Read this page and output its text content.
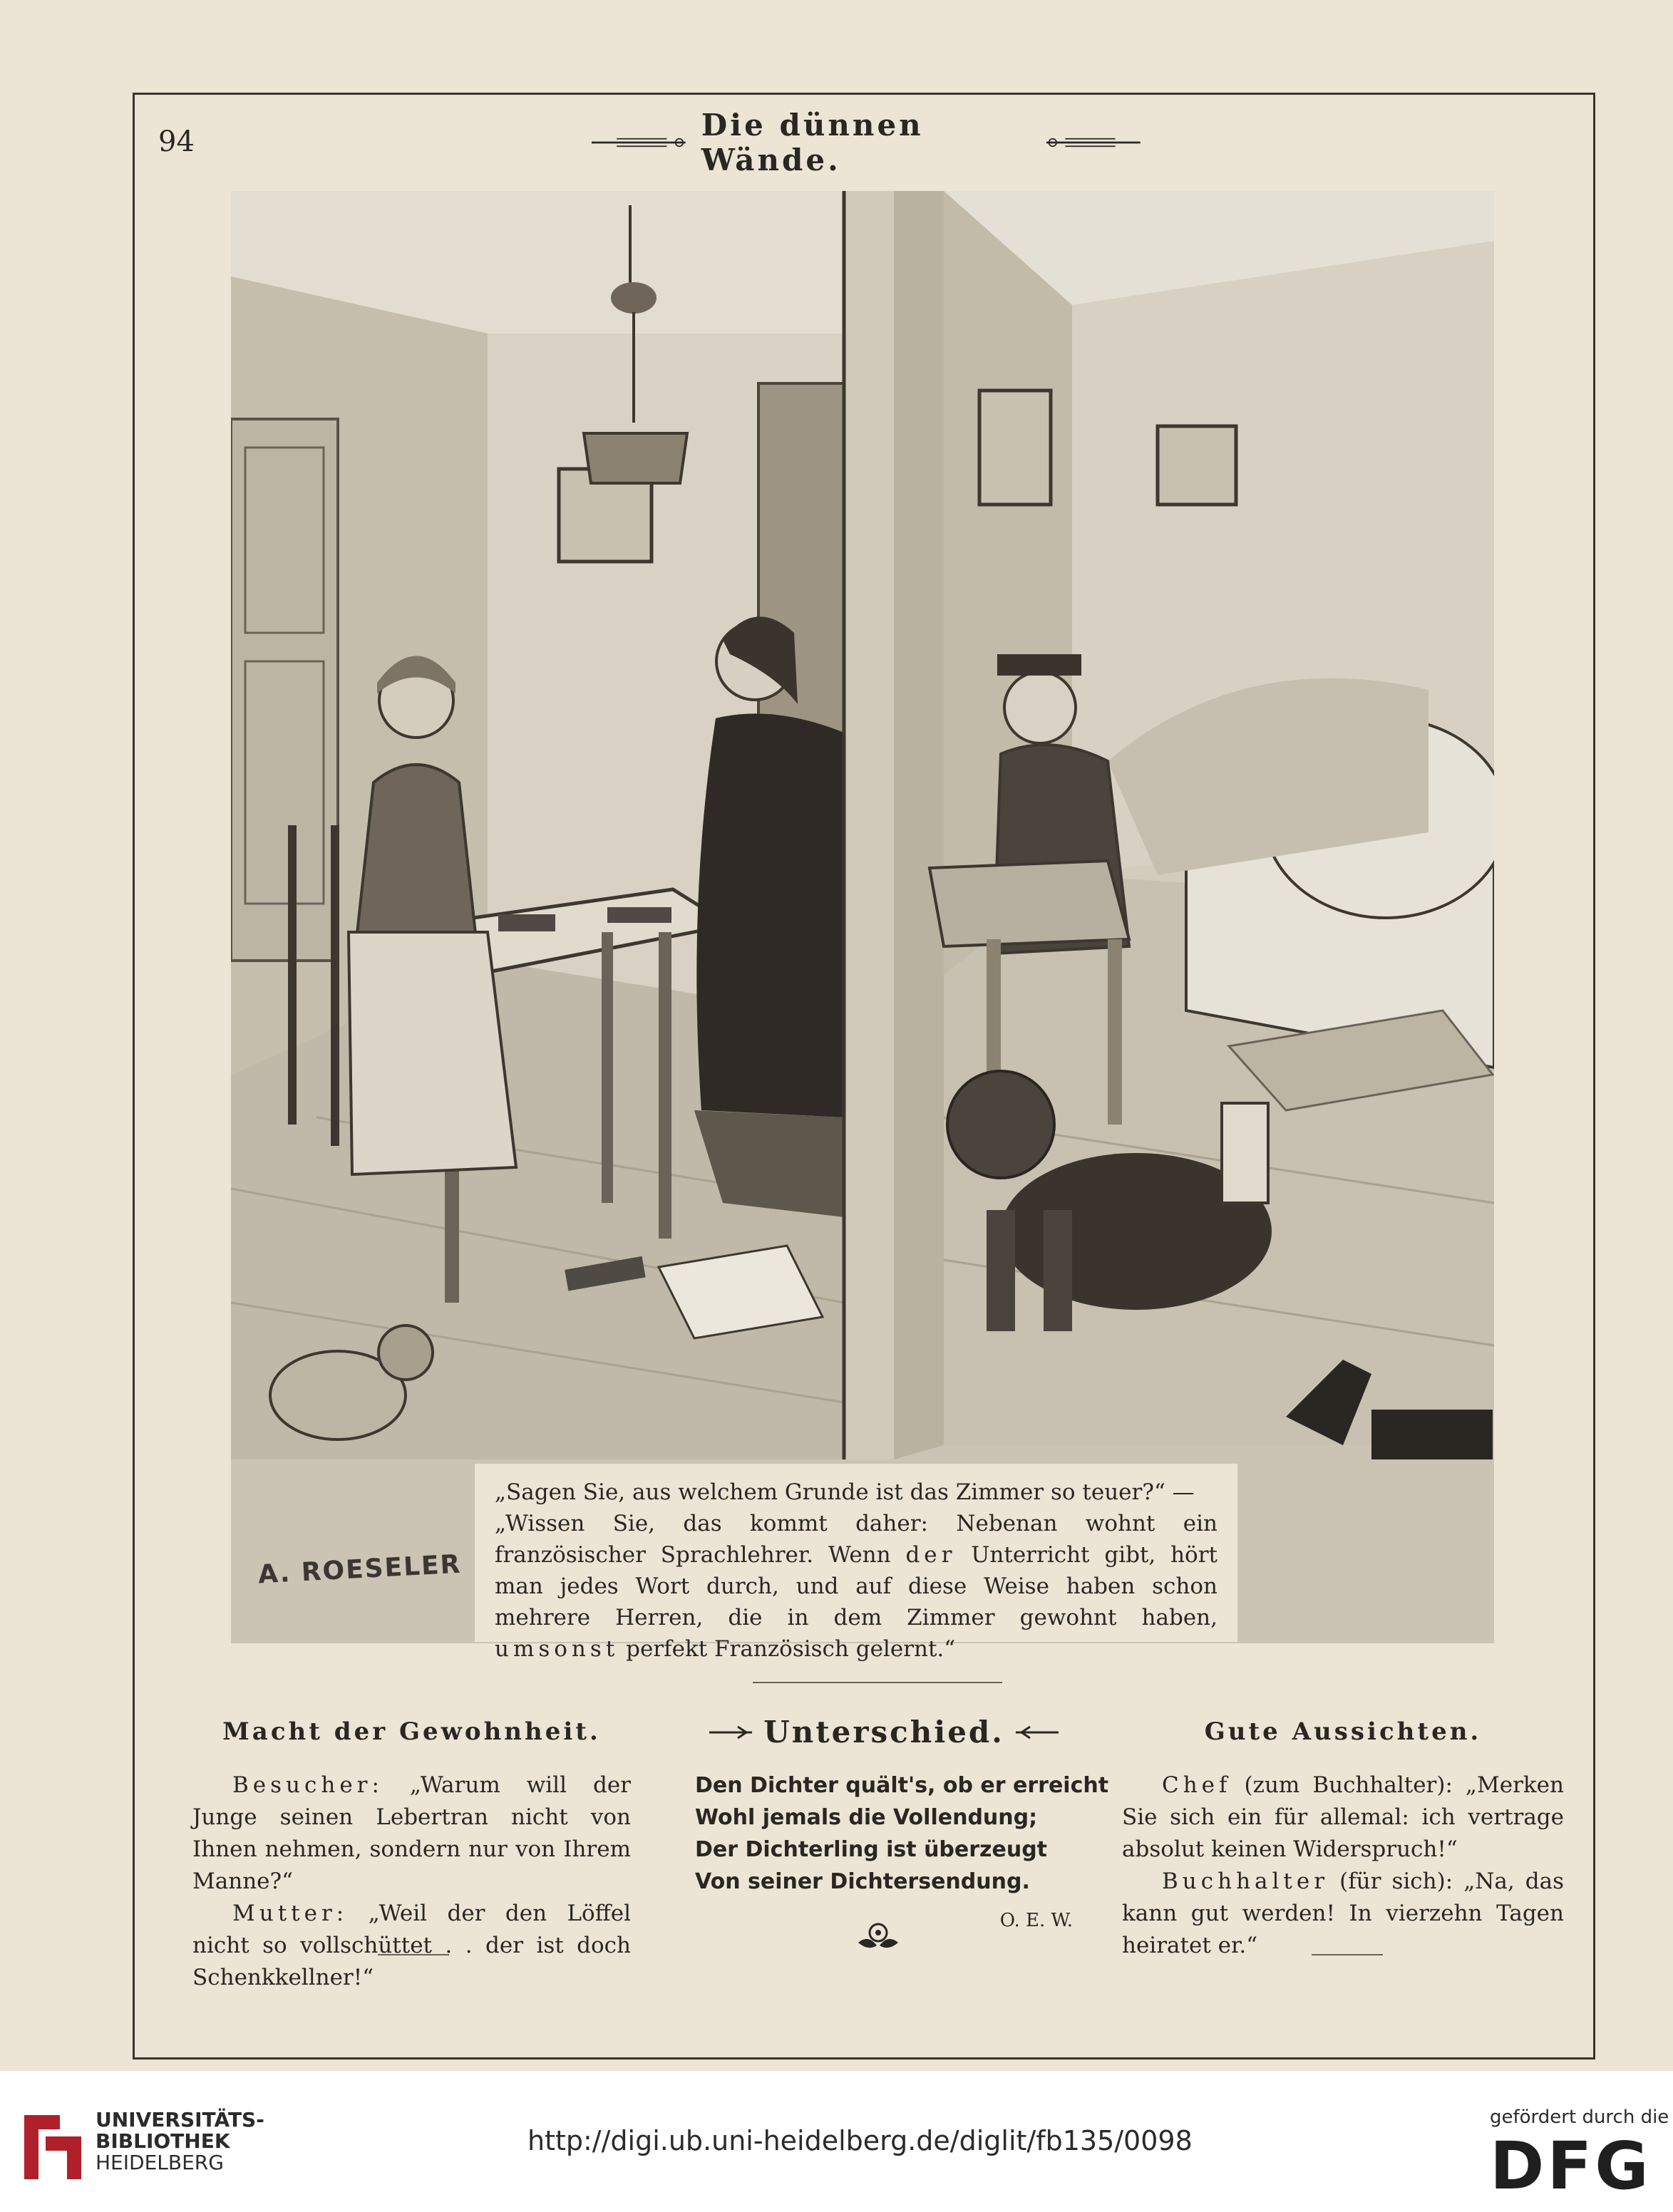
94	Die dünnen Wände.

„Sagen Sie, aus welchem Grunde ist das Zimmer so teuer?“ —

„Wissen Sie, das kommt daher: Nebenan wohnt ein französischer Sprachlehrer. Wenn der Unterricht gibt, hört man jedes Wort durch, und auf diese Weise haben schon mehrere Herren, die in dem Zimmer gewohnt haben, umsonst perfekt Französisch gelernt.“

A. ROESELER
Macht der Gewohnheit.

Besucher: „Warum will der Junge seinen Lebertran nicht von Ihnen nehmen, sondern nur von Ihrem Manne?“

Mutter: „Weil der den Löffel nicht so vollschüttet . . der ist doch Schenkkellner!“

Unterschied.
Den Dichter quält's, ob er erreicht
Wohl jemals die Vollendung;
Der Dichterling ist überzeugt
Von seiner Dichtersendung.
O. E. W.
Gute Aussichten.

Chef (zum Buchhalter): „Merken Sie sich ein für allemal: ich vertrage absolut keinen Widerspruch!“

Buchhalter (für sich): „Na, das kann gut werden! In vierzehn Tagen heiratet er.“

UNIVERSITÄTS-
BIBLIOTHEK
HEIDELBERG
http://digi.ub.uni-heidelberg.de/diglit/fb135/0098
gefördert durch die
DFG
